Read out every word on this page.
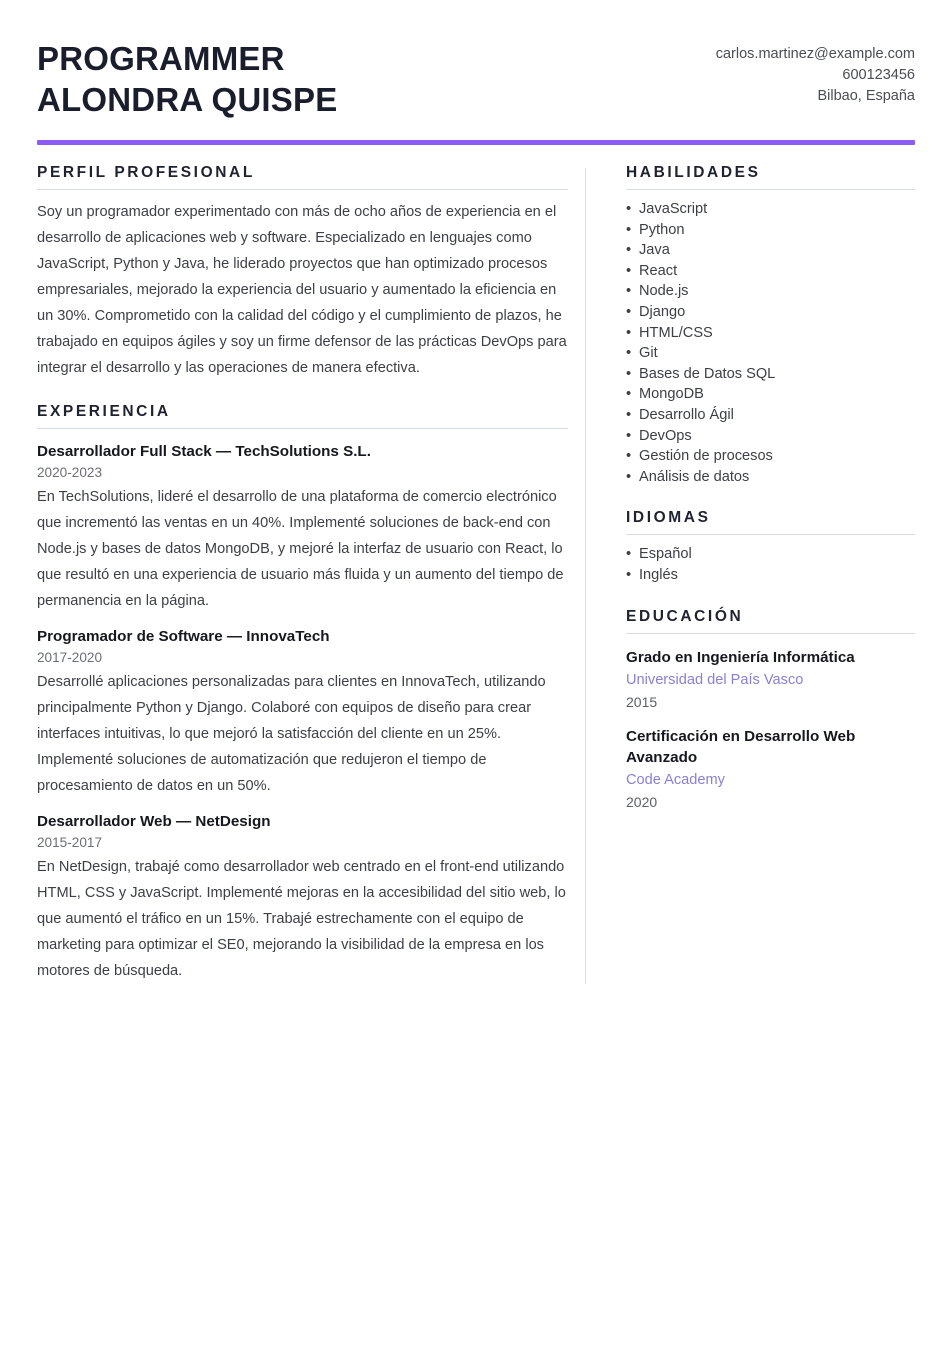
PROGRAMMER
ALONDRA QUISPE
carlos.martinez@example.com
600123456
Bilbao, España
PERFIL PROFESIONAL
Soy un programador experimentado con más de ocho años de experiencia en el desarrollo de aplicaciones web y software. Especializado en lenguajes como JavaScript, Python y Java, he liderado proyectos que han optimizado procesos empresariales, mejorado la experiencia del usuario y aumentado la eficiencia en un 30%. Comprometido con la calidad del código y el cumplimiento de plazos, he trabajado en equipos ágiles y soy un firme defensor de las prácticas DevOps para integrar el desarrollo y las operaciones de manera efectiva.
EXPERIENCIA
Desarrollador Full Stack — TechSolutions S.L.
2020-2023
En TechSolutions, lideré el desarrollo de una plataforma de comercio electrónico que incrementó las ventas en un 40%. Implementé soluciones de back-end con Node.js y bases de datos MongoDB, y mejoré la interfaz de usuario con React, lo que resultó en una experiencia de usuario más fluida y un aumento del tiempo de permanencia en la página.
Programador de Software — InnovaTech
2017-2020
Desarrollé aplicaciones personalizadas para clientes en InnovaTech, utilizando principalmente Python y Django. Colaboré con equipos de diseño para crear interfaces intuitivas, lo que mejoró la satisfacción del cliente en un 25%. Implementé soluciones de automatización que redujeron el tiempo de procesamiento de datos en un 50%.
Desarrollador Web — NetDesign
2015-2017
En NetDesign, trabajé como desarrollador web centrado en el front-end utilizando HTML, CSS y JavaScript. Implementé mejoras en la accesibilidad del sitio web, lo que aumentó el tráfico en un 15%. Trabajé estrechamente con el equipo de marketing para optimizar el SE0, mejorando la visibilidad de la empresa en los motores de búsqueda.
HABILIDADES
• JavaScript
• Python
• Java
• React
• Node.js
• Django
• HTML/CSS
• Git
• Bases de Datos SQL
• MongoDB
• Desarrollo Ágil
• DevOps
• Gestión de procesos
• Análisis de datos
IDIOMAS
• Español
• Inglés
EDUCACIÓN
Grado en Ingeniería Informática
Universidad del País Vasco
2015
Certificación en Desarrollo Web Avanzado
Code Academy
2020
